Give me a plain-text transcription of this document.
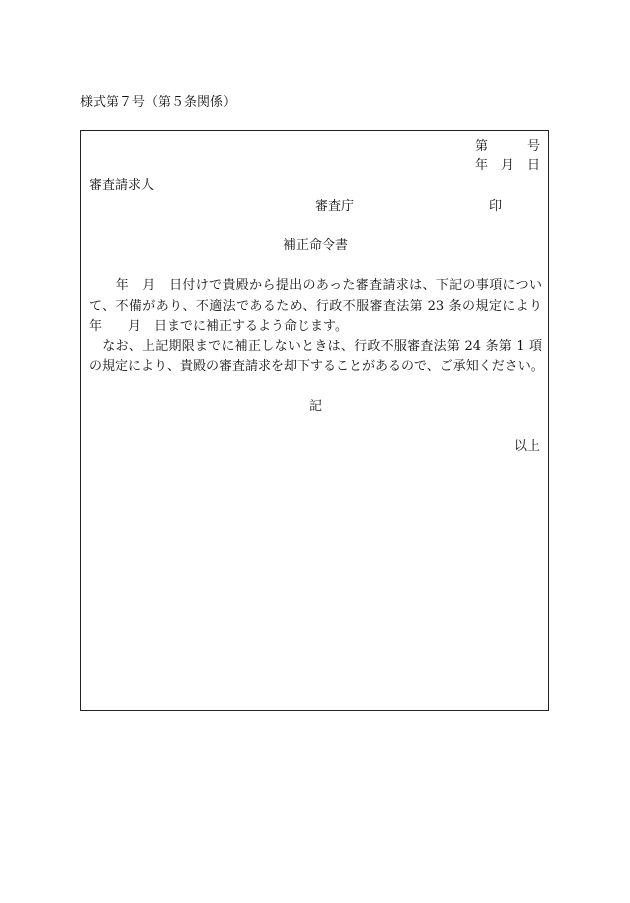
様式第７号（第５条関係）
第　　　号
年　月　日
審査請求人
審査庁	印
補正命令書
　　年　月　日付けで貴殿から提出のあった審査請求は、下記の事項につい
て、不備があり、不適法であるため、行政不服審査法第 23 条の規定により
年　　月　日までに補正するよう命じます。
　なお、上記期限までに補正しないときは、行政不服審査法第 24 条第 1 項
の規定により、貴殿の審査請求を却下することがあるので、ご承知ください。
記
以上
